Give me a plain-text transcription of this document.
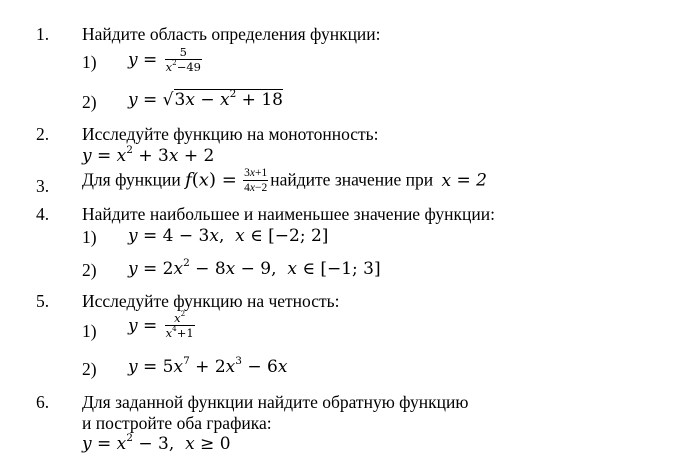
1. Найдите область определения функции:
1) $y = \frac{5}{x^2-49}$
2) $y = √3x - x^2 + 18$
2. Исследуйте функцию на монотонность:
$y = x^2 + 3x + 2$
3. Для функции $f(x) = \frac{3x+1}{4x-2}$ найдите значение при x = 2
4. Найдите наибольшее и наименьшее значение функции:
1) y = 4 − 3x,  x ∈ [−2; 2]
2) $y = 2x^2 - 8x - 9$,  x ∈ [−1; 3]
5. Исследуйте функцию на четность:
1) $y = \frac{x^2}{x^4+1}$
2) $y = 5x^7 + 2x^3 - 6x$
6. Для заданной функции найдите обратную функцию
и постройте оба графика:
$y = x^2 - 3$,  x ≥ 0
